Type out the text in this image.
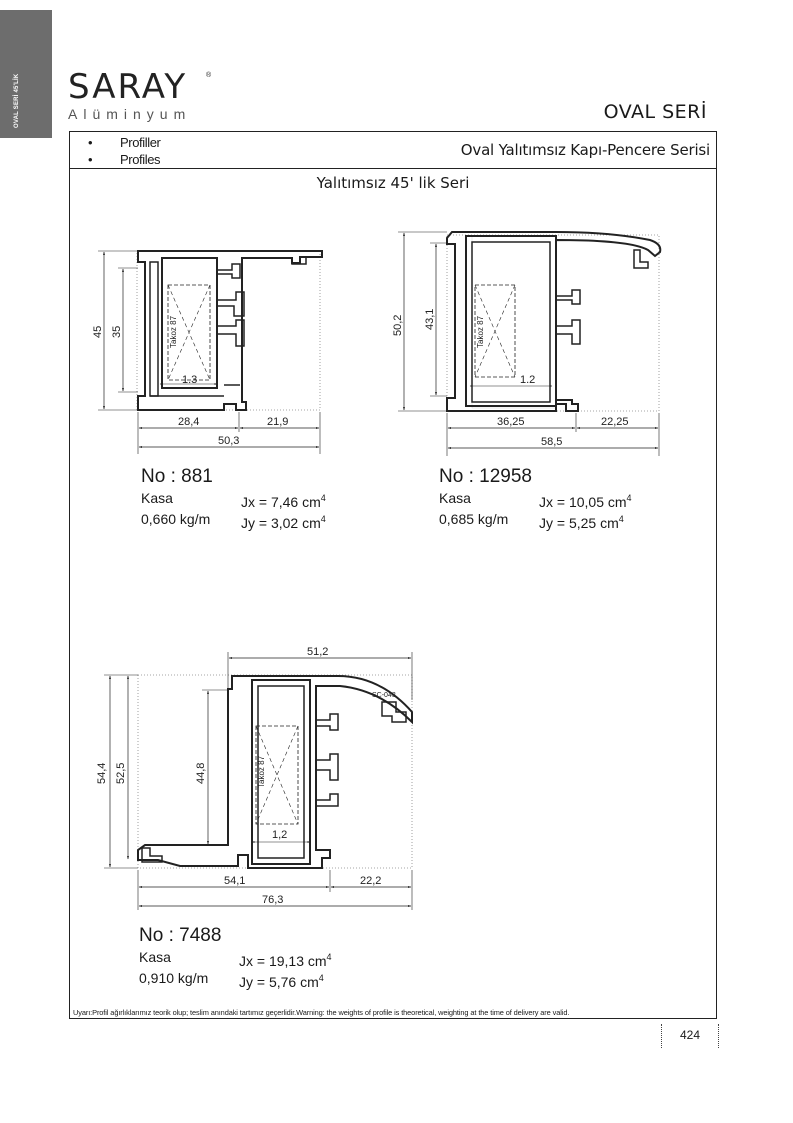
OVAL SERİ 45'LİK SARAY	®
Alüminyum	OVAL SERİ
• Profiller
• Profiles
Oval Yalıtımsız Kapı-Pencere Serisi
Yalıtımsız 45' lik Seri
Uyarı:Profil ağırlıklarımız teorik olup; teslim anındaki tartımız geçerlidir.Warning: the weights of profile is theoretical, weighting at the time of delivery are valid.
Takoz 87
45 35
1.3
28,4	21,9
50,3
Takoz 87
50,2 43,1
1.2
36,25	22,25
58,5
Takoz 87
SC-043
51,2
54,4 52,5	44,8
1,2
54,1	22,2
76,3
No : 881
Kasa	Jx = 7,46 $cm^4$
0,660 kg/m	Jy = 3,02 $cm^4$
No : 12958
Kasa	Jx = 10,05 $cm^4$
0,685 kg/m	Jy = 5,25 $cm^4$
No : 7488
Kasa	Jx = 19,13 $cm^4$
0,910 kg/m	Jy = 5,76 $cm^4$
424
